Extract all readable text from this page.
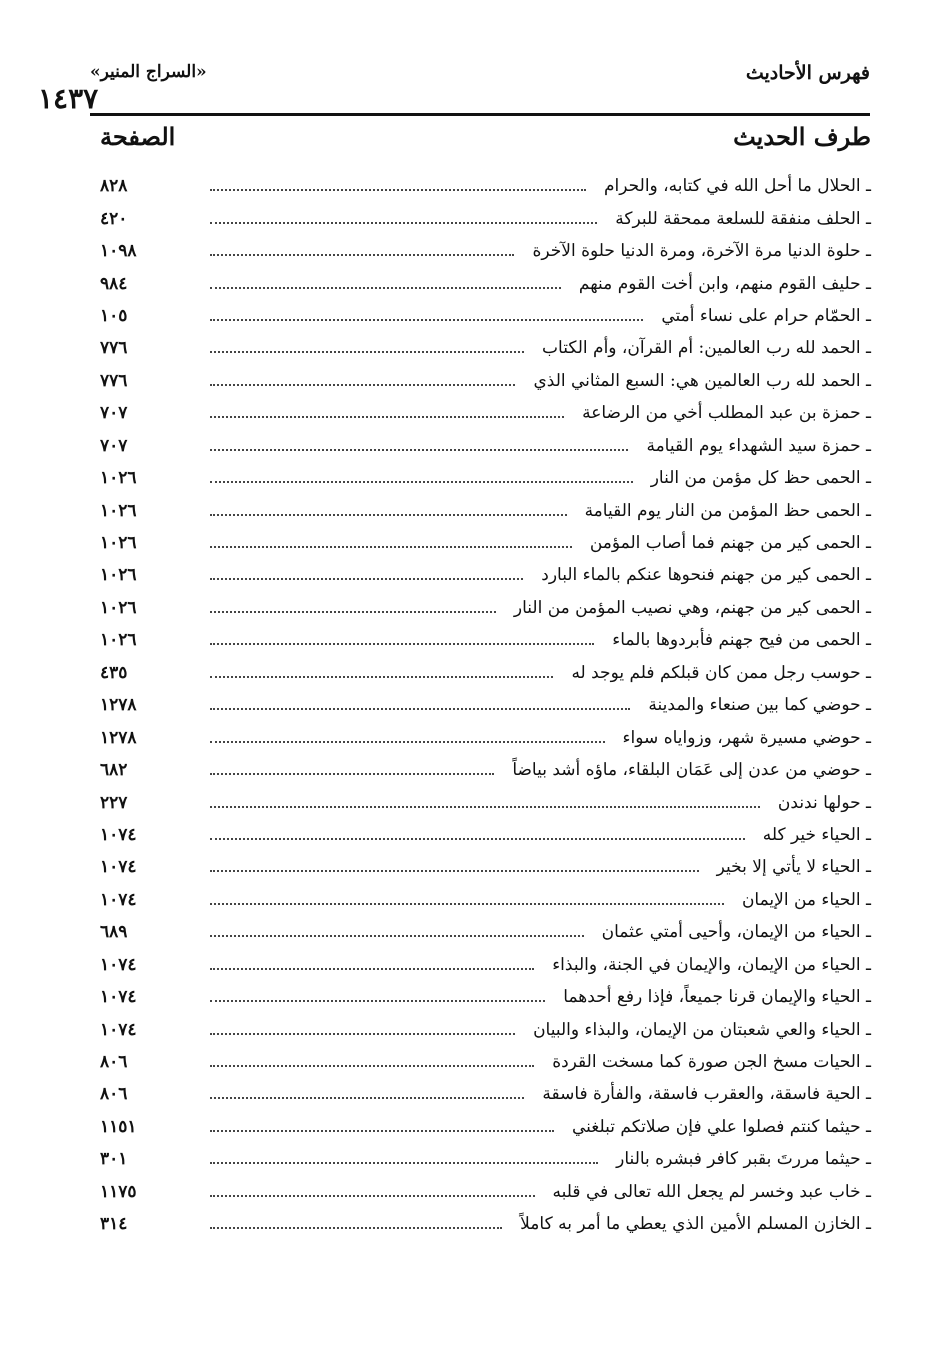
فهرس الأحاديث
«السراج المنير»
١٤٣٧
طرف الحديث
الصفحة
ـ الحلال ما أحل الله في كتابه، والحرام
٨٢٨
ـ الحلف منفقة للسلعة ممحقة للبركة
٤٢٠
ـ حلوة الدنيا مرة الآخرة، ومرة الدنيا حلوة الآخرة
١٠٩٨
ـ حليف القوم منهم، وابن أخت القوم منهم
٩٨٤
ـ الحمّام حرام على نساء أمتي
١٠٥
ـ الحمد لله رب العالمين: أم القرآن، وأم الكتاب
٧٧٦
ـ الحمد لله رب العالمين هي: السبع المثاني الذي
٧٧٦
ـ حمزة بن عبد المطلب أخي من الرضاعة
٧٠٧
ـ حمزة سيد الشهداء يوم القيامة
٧٠٧
ـ الحمى حظ كل مؤمن من النار
١٠٢٦
ـ الحمى حظ المؤمن من النار يوم القيامة
١٠٢٦
ـ الحمى كير من جهنم فما أصاب المؤمن
١٠٢٦
ـ الحمى كير من جهنم فنحوها عنكم بالماء البارد
١٠٢٦
ـ الحمى كير من جهنم، وهي نصيب المؤمن من النار
١٠٢٦
ـ الحمى من فيح جهنم فأبردوها بالماء
١٠٢٦
ـ حوسب رجل ممن كان قبلكم فلم يوجد له
٤٣٥
ـ حوضي كما بين صنعاء والمدينة
١٢٧٨
ـ حوضي مسيرة شهر، وزواياه سواء
١٢٧٨
ـ حوضي من عدن إلى عَمَان البلقاء، ماؤه أشد بياضاً
٦٨٢
ـ حولها ندندن
٢٢٧
ـ الحياء خير كله
١٠٧٤
ـ الحياء لا يأتي إلا بخير
١٠٧٤
ـ الحياء من الإيمان
١٠٧٤
ـ الحياء من الإيمان، وأحيى أمتي عثمان
٦٨٩
ـ الحياء من الإيمان، والإيمان في الجنة، والبذاء
١٠٧٤
ـ الحياء والإيمان قرنا جميعاً، فإذا رفع أحدهما
١٠٧٤
ـ الحياء والعي شعبتان من الإيمان، والبذاء والبيان
١٠٧٤
ـ الحيات مسخ الجن صورة كما مسخت القردة
٨٠٦
ـ الحية فاسقة، والعقرب فاسقة، والفأرة فاسقة
٨٠٦
ـ حيثما كنتم فصلوا علي فإن صلاتكم تبلغني
١١٥١
ـ حيثما مررتَ بقبر كافر فبشره بالنار
٣٠١
ـ خاب عبد وخسر لم يجعل الله تعالى في قلبه
١١٧٥
ـ الخازن المسلم الأمين الذي يعطي ما أمر به كاملاً
٣١٤
